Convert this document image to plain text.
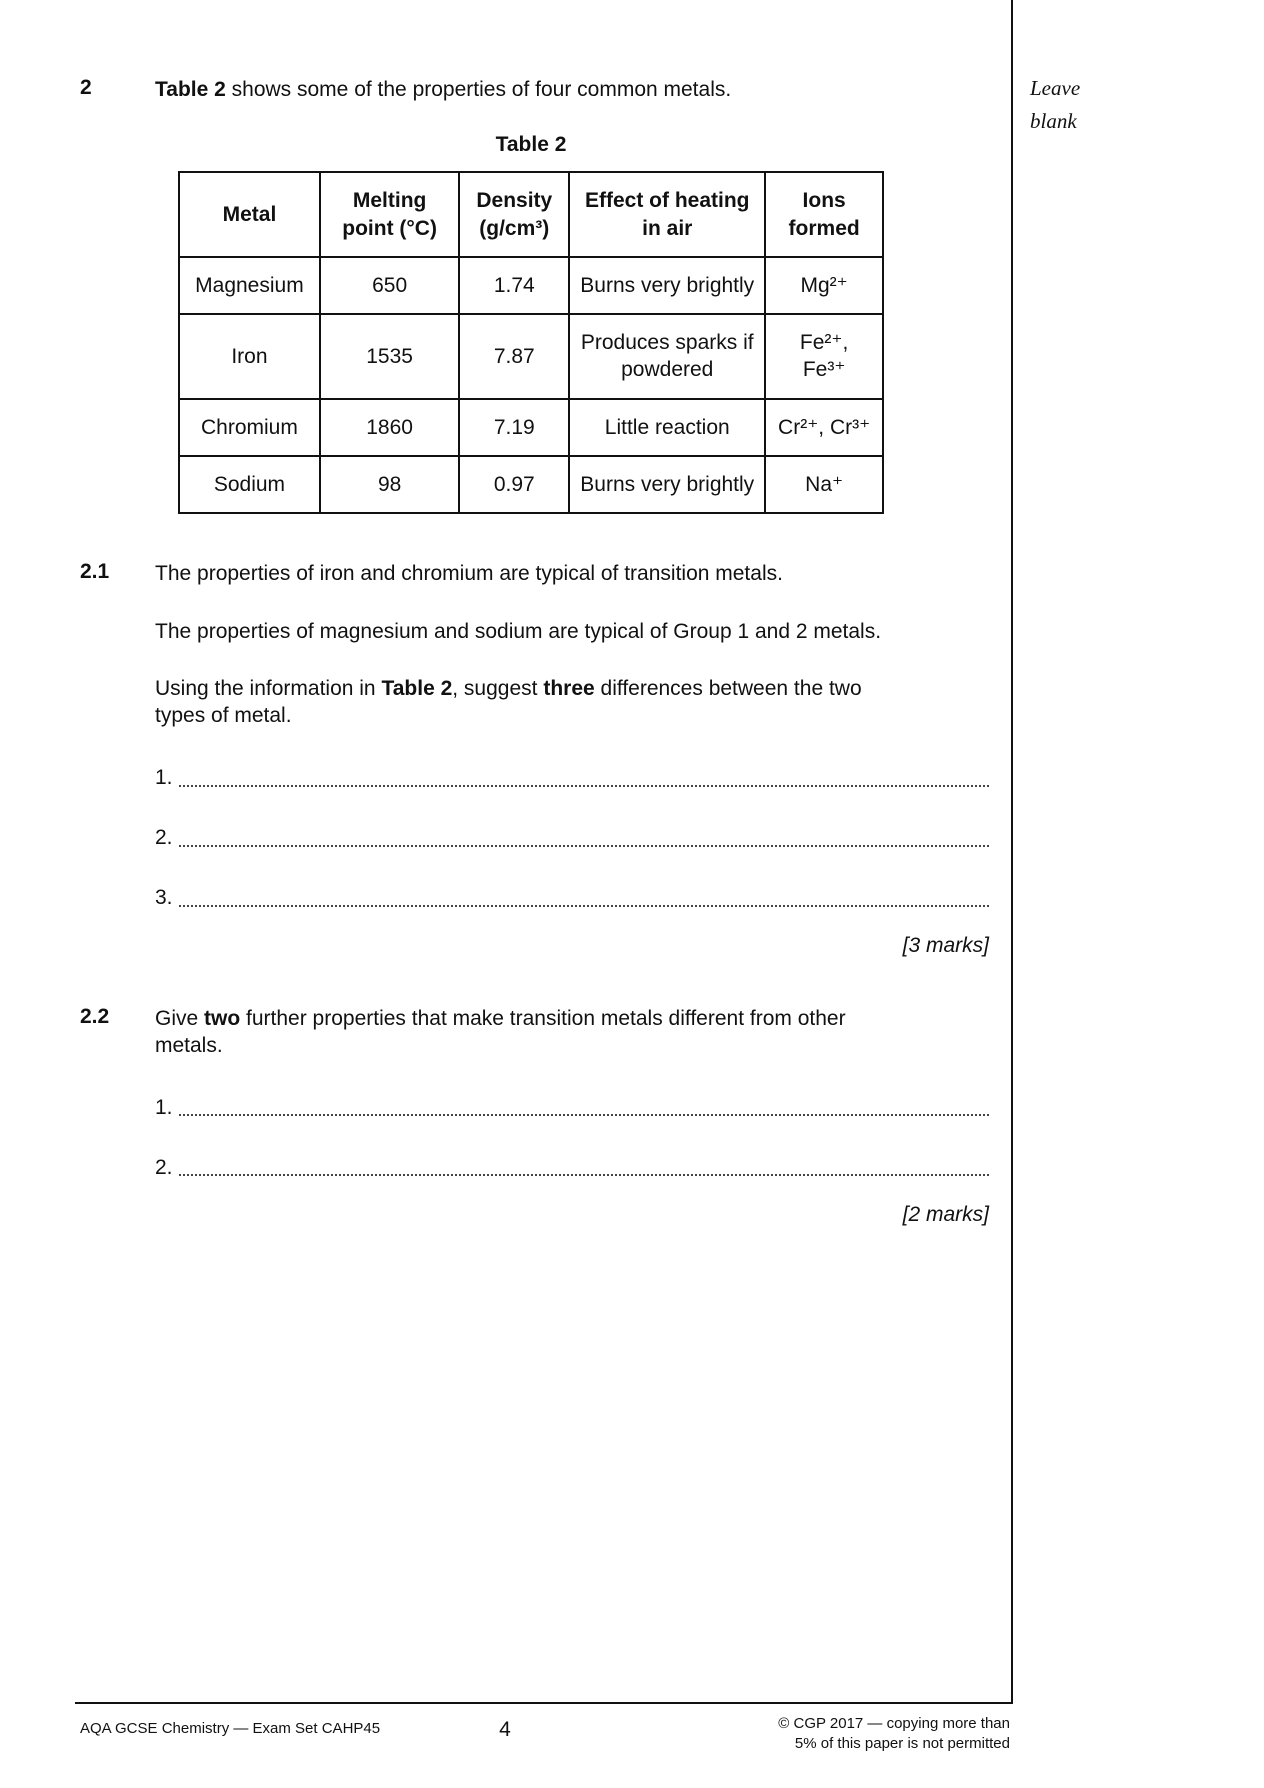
Leave
blank
2	Table 2 shows some of the properties of four common metals.
Table 2
Metal	Melting point (°C)	Density (g/cm³)	Effect of heating in air	Ions formed
Magnesium	650	1.74	Burns very brightly	Mg²⁺
Iron	1535	7.87	Produces sparks if powdered	Fe²⁺, Fe³⁺
Chromium	1860	7.19	Little reaction	Cr²⁺, Cr³⁺
Sodium	98	0.97	Burns very brightly	Na⁺
2.1	The properties of iron and chromium are typical of transition metals.

The properties of magnesium and sodium are typical of Group 1 and 2 metals.

Using the information in Table 2, suggest three differences between the two types of metal.

1.
2.
3.
[3 marks]
2.2	Give two further properties that make transition metals different from other metals.

1.
2.
[2 marks]
AQA GCSE Chemistry — Exam Set CAHP45	4	© CGP 2017 — copying more than
5% of this paper is not permitted
